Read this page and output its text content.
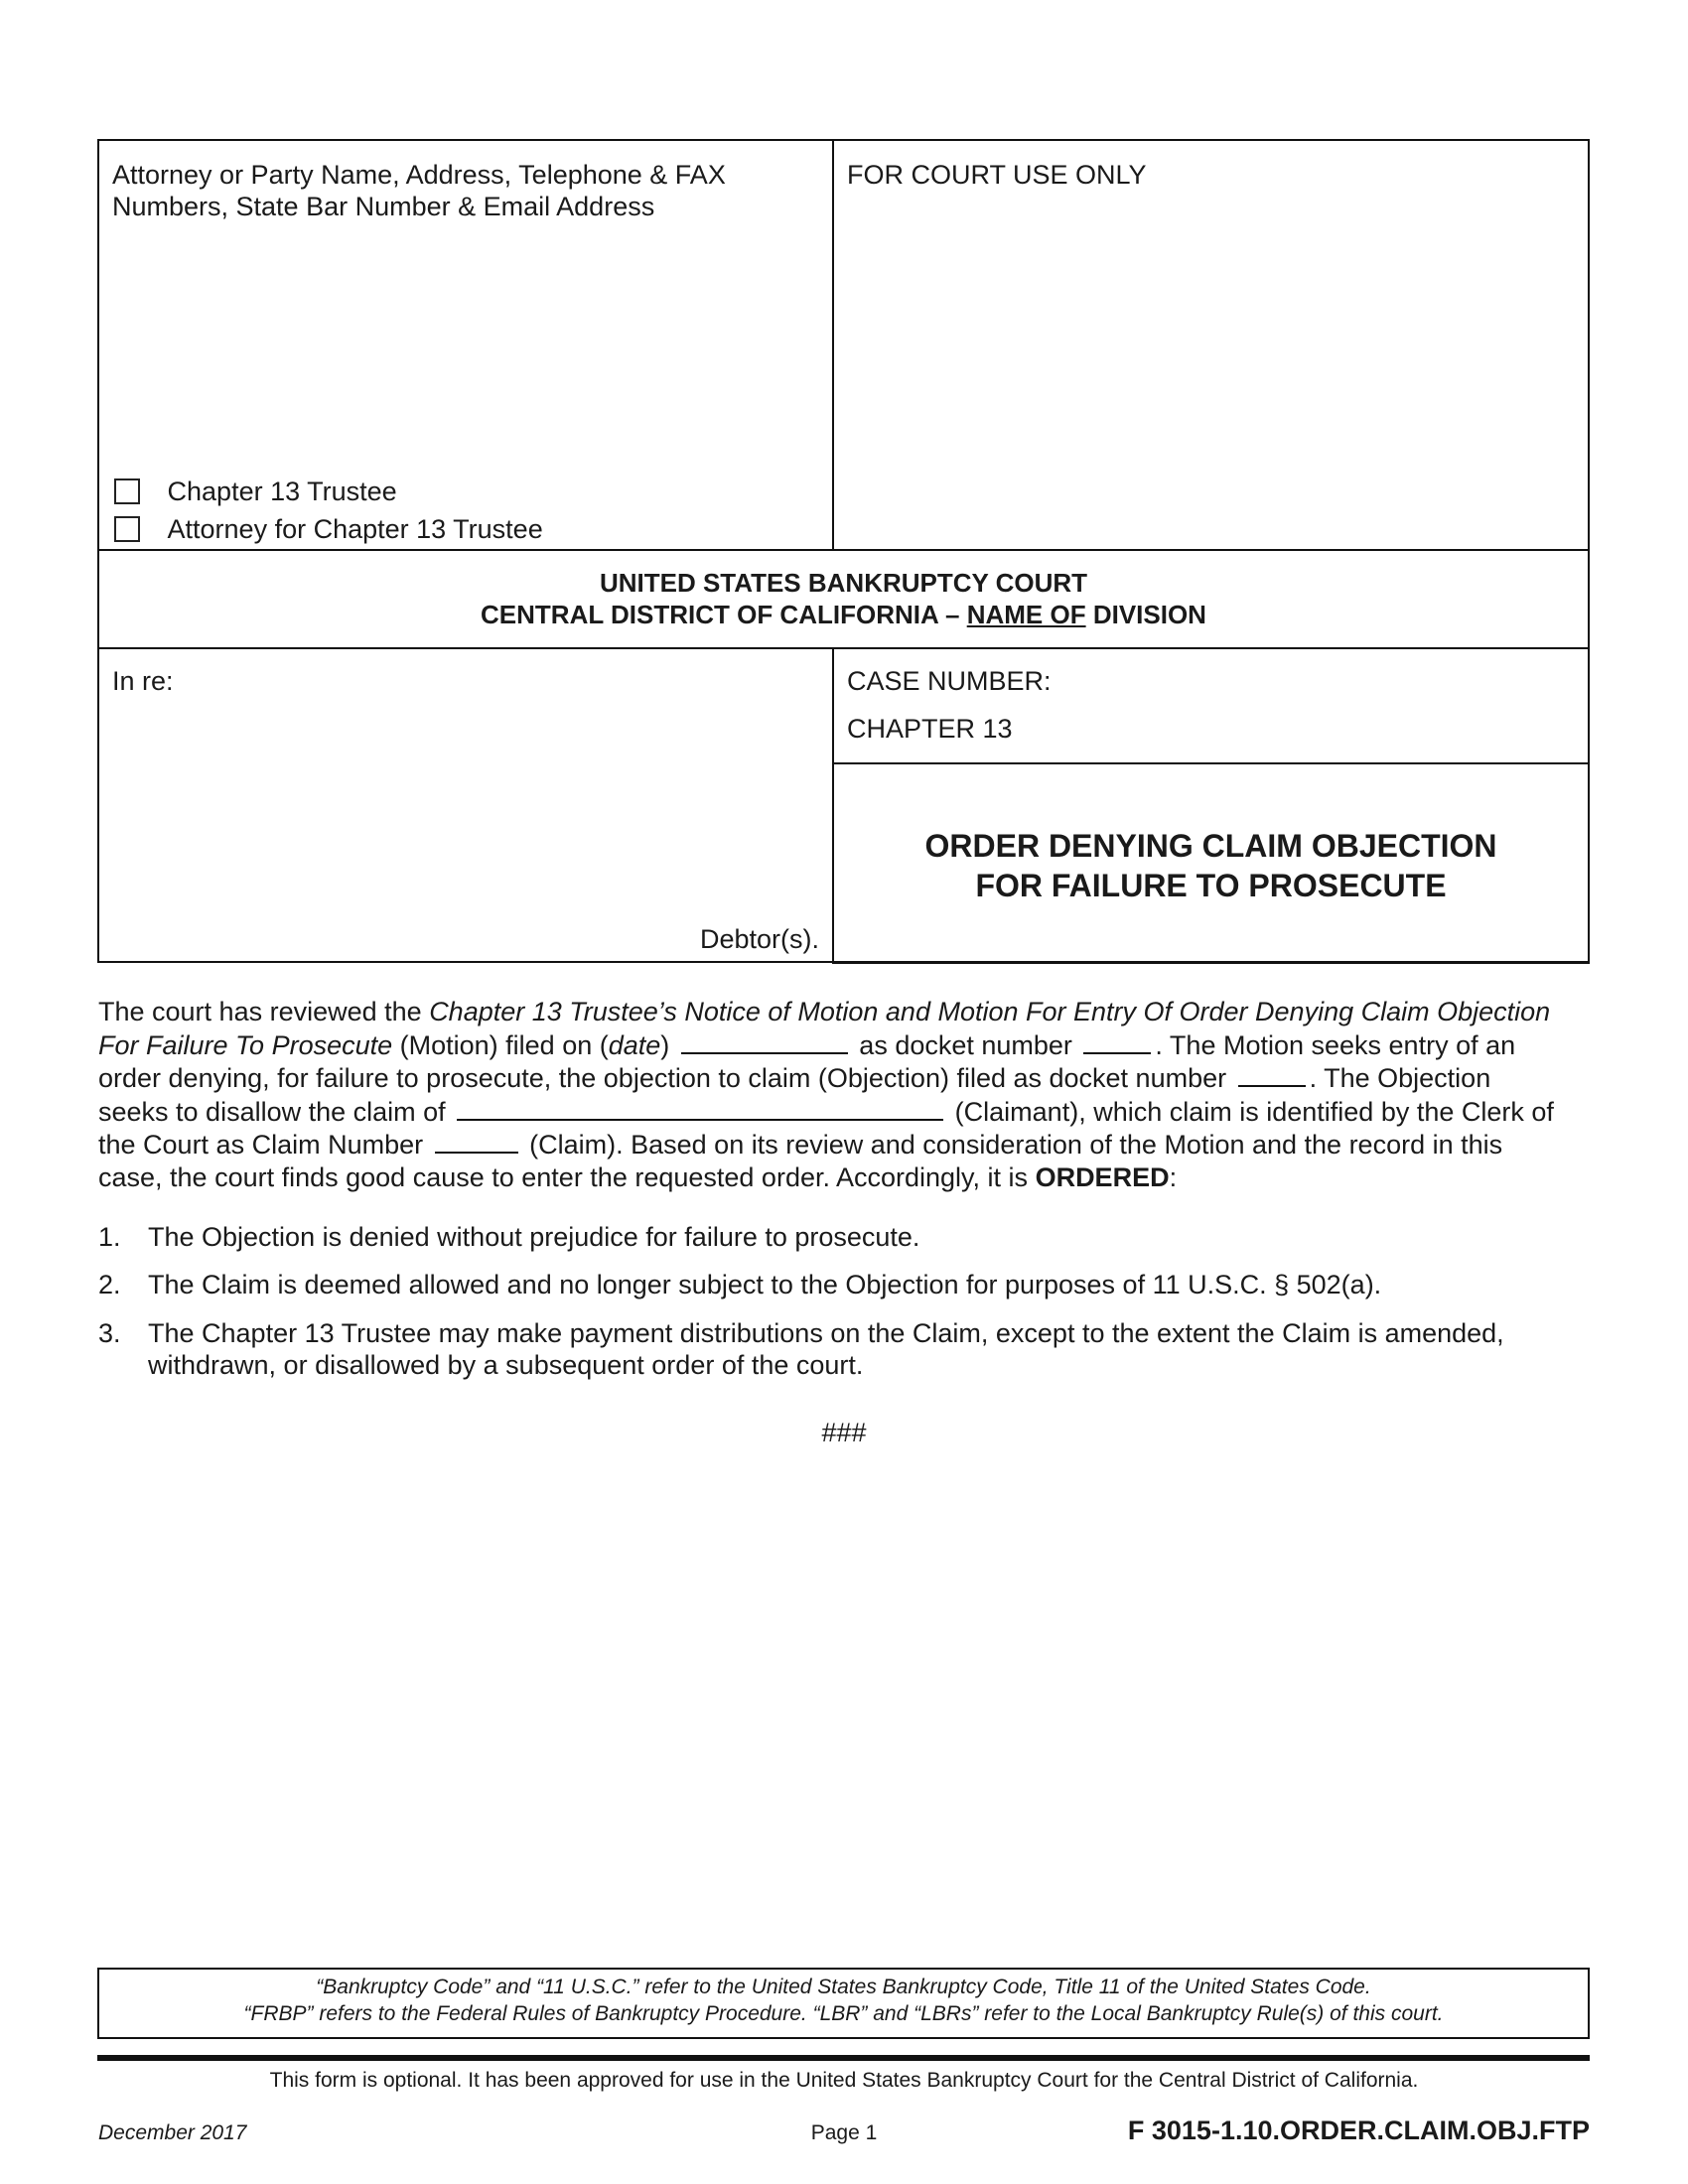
Attorney or Party Name, Address, Telephone & FAX
Numbers, State Bar Number & Email Address
FOR COURT USE ONLY
Chapter 13 Trustee
Attorney for Chapter 13 Trustee
UNITED STATES BANKRUPTCY COURT
CENTRAL DISTRICT OF CALIFORNIA – NAME OF DIVISION
In re:
Debtor(s).
CASE NUMBER:
CHAPTER 13
ORDER DENYING CLAIM OBJECTION
FOR FAILURE TO PROSECUTE
The court has reviewed the Chapter 13 Trustee’s Notice of Motion and Motion For Entry Of Order Denying Claim Objection For Failure To Prosecute (Motion) filed on (date)	as docket number	. The Motion seeks entry of an order denying, for failure to prosecute, the objection to claim (Objection) filed as docket number	. The Objection seeks to disallow the claim of	(Claimant), which claim is identified by the Clerk of the Court as Claim Number	(Claim). Based on its review and consideration of the Motion and the record in this case, the court finds good cause to enter the requested order. Accordingly, it is ORDERED:
1. The Objection is denied without prejudice for failure to prosecute.
2. The Claim is deemed allowed and no longer subject to the Objection for purposes of 11 U.S.C. § 502(a).
3. The Chapter 13 Trustee may make payment distributions on the Claim, except to the extent the Claim is amended, withdrawn, or disallowed by a subsequent order of the court.
###
“Bankruptcy Code” and “11 U.S.C.” refer to the United States Bankruptcy Code, Title 11 of the United States Code.
“FRBP” refers to the Federal Rules of Bankruptcy Procedure. “LBR” and “LBRs” refer to the Local Bankruptcy Rule(s) of this court.
This form is optional. It has been approved for use in the United States Bankruptcy Court for the Central District of California.
December 2017	Page 1	F 3015-1.10.ORDER.CLAIM.OBJ.FTP
